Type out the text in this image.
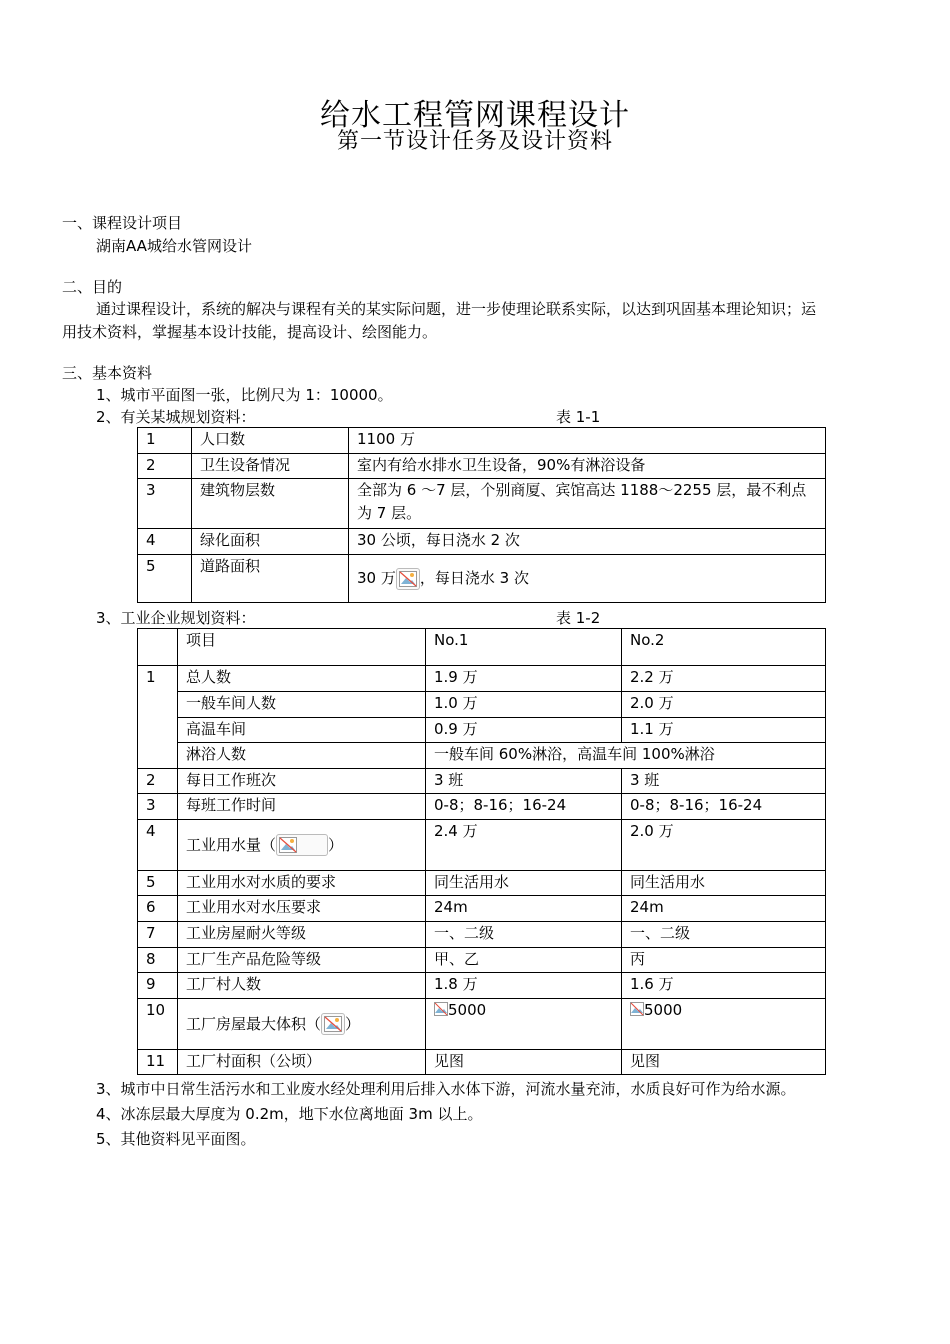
给水工程管网课程设计
第一节设计任务及设计资料
一、课程设计项目
湖南AA城给水管网设计
二、目的
通过课程设计，系统的解决与课程有关的某实际问题，进一步使理论联系实际，以达到巩固基本理论知识；运
用技术资料，掌握基本设计技能，提高设计、绘图能力。
三、基本资料
1、城市平面图一张，比例尺为 1：10000。
2、有关某城规划资料：	表 1-1
1	人口数	1100 万
2	卫生设备情况	室内有给水排水卫生设备，90%有淋浴设备
3	建筑物层数	全部为 6 ～7 层，个别商厦、宾馆高达 1188～2255 层，最不利点为 7 层。
4	绿化面积	30 公顷，每日浇水 2 次
5	道路面积	30 万 ，每日浇水 3 次
3、工业企业规划资料：	表 1-2
	项目	No.1	No.2
1	总人数	1.9 万	2.2 万
	一般车间人数	1.0 万	2.0 万
	高温车间	0.9 万	1.1 万
	淋浴人数	一般车间 60%淋浴，高温车间 100%淋浴	
2	每日工作班次	3 班	3 班
3	每班工作时间	0-8；8-16；16-24	0-8；8-16；16-24
4	工业用水量（ ）	2.4 万	2.0 万
5	工业用水对水质的要求	同生活用水	同生活用水
6	工业用水对水压要求	24m	24m
7	工业房屋耐火等级	一、二级	一、二级
8	工厂生产品危险等级	甲、乙	丙
9	工厂村人数	1.8 万	1.6 万
10	工厂房屋最大体积（ ）	5000	5000
11	工厂村面积（公顷）	见图	见图
3、城市中日常生活污水和工业废水经处理利用后排入水体下游，河流水量充沛，水质良好可作为给水源。
4、冰冻层最大厚度为 0.2m，地下水位离地面 3m 以上。
5、其他资料见平面图。
